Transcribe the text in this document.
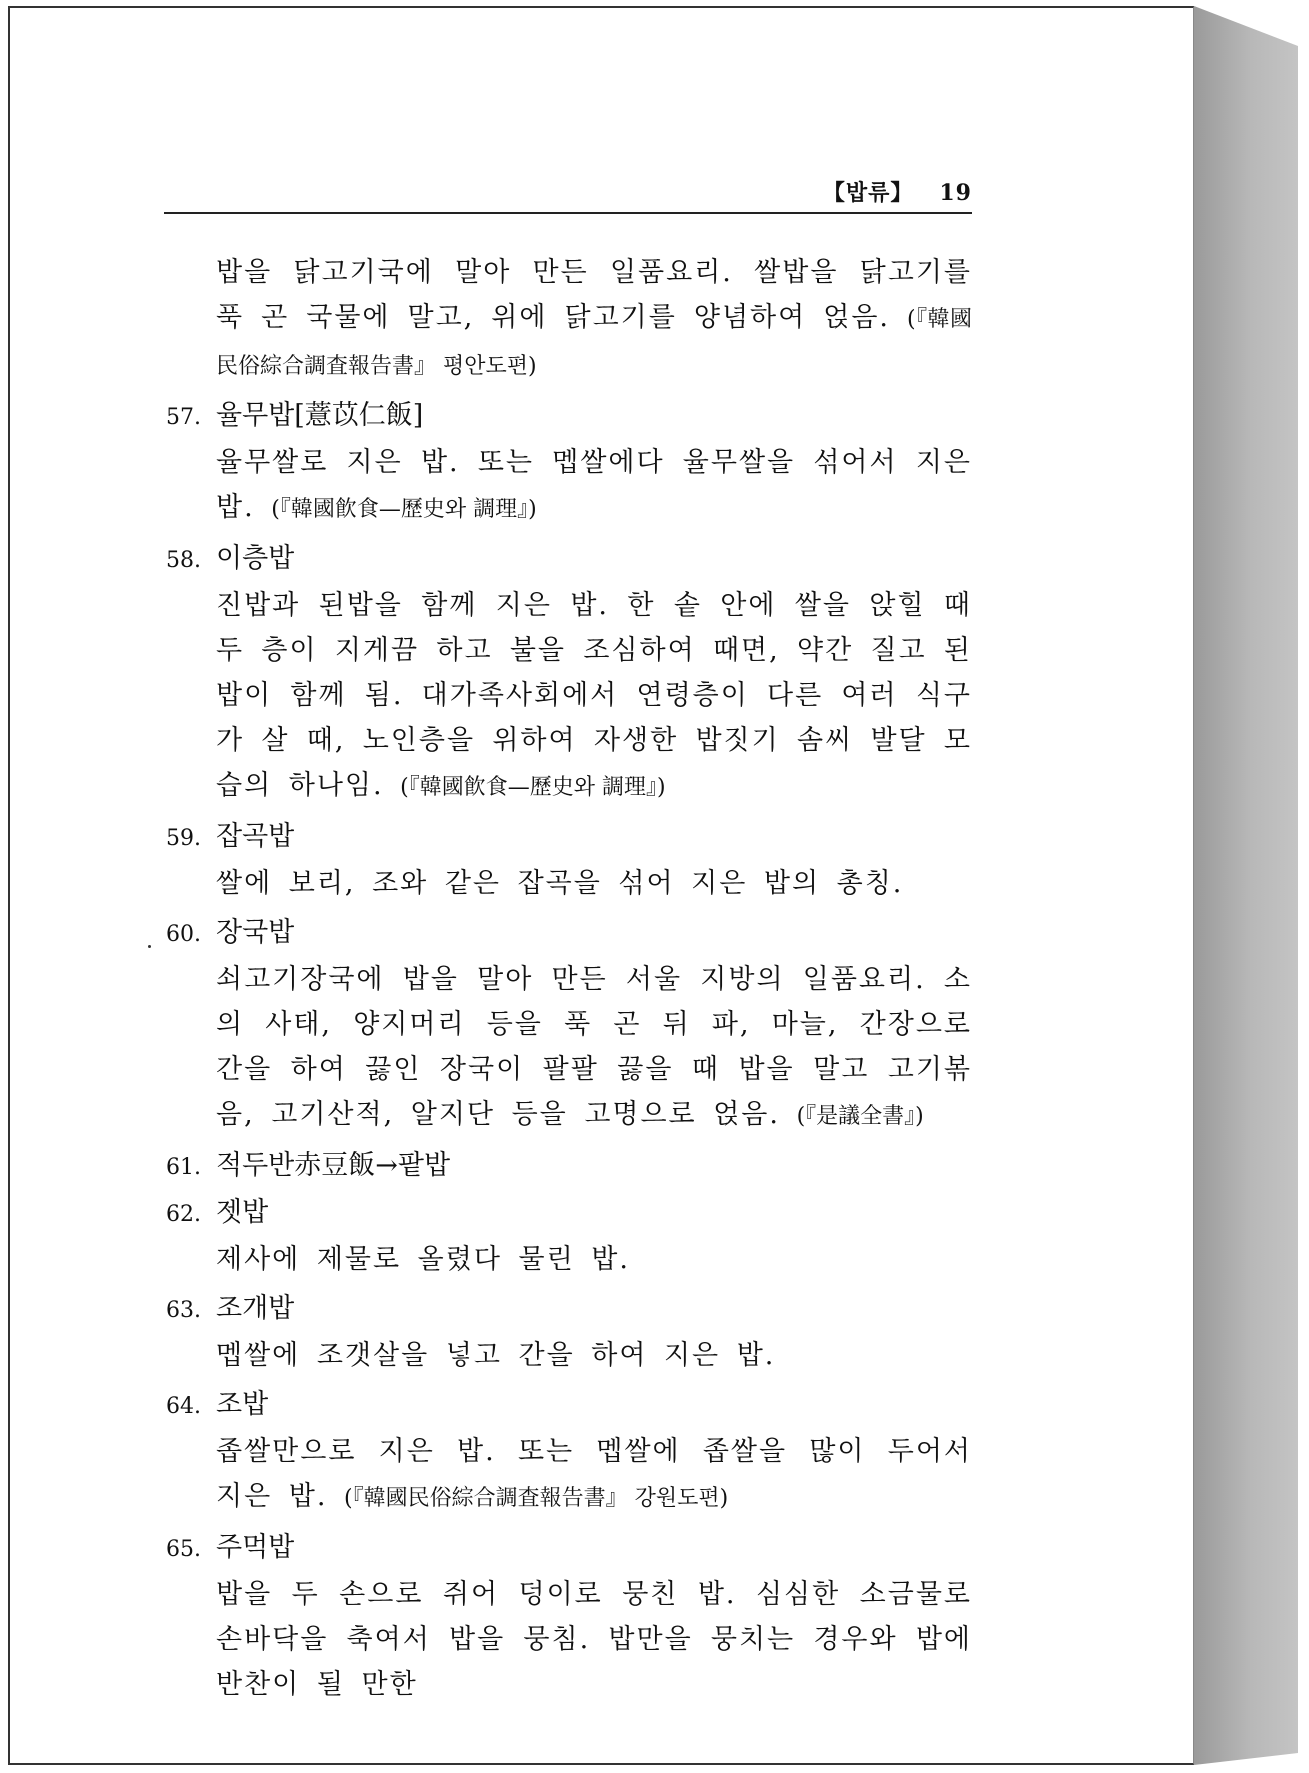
【밥류】 19

밥을 닭고기국에 말아 만든 일품요리. 쌀밥을 닭고기를 푹 곤 국물에 말고, 위에 닭고기를 양념하여 얹음. (『韓國民俗綜合調査報告書』 평안도편)

57. 율무밥[薏苡仁飯]

율무쌀로 지은 밥. 또는 멥쌀에다 율무쌀을 섞어서 지은 밥. (『韓國飮食—歷史와 調理』)

58. 이층밥

진밥과 된밥을 함께 지은 밥. 한 솥 안에 쌀을 앉힐 때 두 층이 지게끔 하고 불을 조심하여 때면, 약간 질고 된밥이 함께 됨. 대가족사회에서 연령층이 다른 여러 식구가 살 때, 노인층을 위하여 자생한 밥짓기 솜씨 발달 모습의 하나임. (『韓國飮食—歷史와 調理』)

59. 잡곡밥

쌀에 보리, 조와 같은 잡곡을 섞어 지은 밥의 총칭.

60. 장국밥

쇠고기장국에 밥을 말아 만든 서울 지방의 일품요리. 소의 사태, 양지머리 등을 푹 곤 뒤 파, 마늘, 간장으로 간을 하여 끓인 장국이 팔팔 끓을 때 밥을 말고 고기볶음, 고기산적, 알지단 등을 고명으로 얹음. (『是議全書』)

61. 적두반赤豆飯→팥밥

62. 젯밥

제사에 제물로 올렸다 물린 밥.

63. 조개밥

멥쌀에 조갯살을 넣고 간을 하여 지은 밥.

64. 조밥

좁쌀만으로 지은 밥. 또는 멥쌀에 좁쌀을 많이 두어서 지은 밥. (『韓國民俗綜合調査報告書』 강원도편)

65. 주먹밥

밥을 두 손으로 쥐어 덩이로 뭉친 밥. 심심한 소금물로 손바닥을 축여서 밥을 뭉침. 밥만을 뭉치는 경우와 밥에 반찬이 될 만한
